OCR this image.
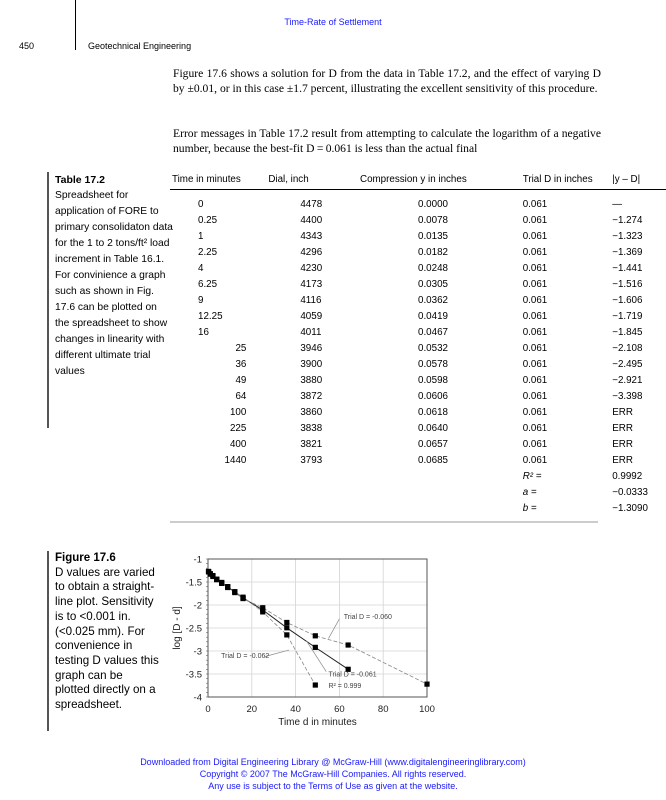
Time-Rate of Settlement
450	Geotechnical Engineering
Figure 17.6 shows a solution for D from the data in Table 17.2, and the effect of varying D by ±0.01, or in this case ±1.7 percent, illustrating the excellent sensitivity of this procedure.
Error messages in Table 17.2 result from attempting to calculate the logarithm of a negative number, because the best-fit D = 0.061 is less than the actual final
Table 17.2
Spreadsheet for application of FORE to primary consolidaton data for the 1 to 2 tons/ft² load increment in Table 16.1. For convinience a graph such as shown in Fig. 17.6 can be plotted on the spreadsheet to show changes in linearity with different ultimate trial values
Time in minutes	Dial, inch	Compression y in inches	Trial D in inches	|y – D|
0	4478	0.0000	0.061	—
0.25	4400	0.0078	0.061	−1.274
1	4343	0.0135	0.061	−1.323
2.25	4296	0.0182	0.061	−1.369
4	4230	0.0248	0.061	−1.441
6.25	4173	0.0305	0.061	−1.516
9	4116	0.0362	0.061	−1.606
12.25	4059	0.0419	0.061	−1.719
16	4011	0.0467	0.061	−1.845
25	3946	0.0532	0.061	−2.108
36	3900	0.0578	0.061	−2.495
49	3880	0.0598	0.061	−2.921
64	3872	0.0606	0.061	−3.398
100	3860	0.0618	0.061	ERR
225	3838	0.0640	0.061	ERR
400	3821	0.0657	0.061	ERR
1440	3793	0.0685	0.061	ERR
			R² =	0.9992
			a =	−0.0333
			b =	−1.3090
Figure 17.6
D values are varied to obtain a straight-line plot. Sensitivity is to <0.001 in. (<0.025 mm). For convenience in testing D values this graph can be plotted directly on a spreadsheet.	0	20	40	60	80	100
-1
-1.5
-2
-2.5
-3
-3.5
-4
Time d in minutes
log [D - d]	Trial D = -0.060
Trial D = -0.061
R² = 0.999
Trial D = -0.062
Downloaded from Digital Engineering Library @ McGraw-Hill (www.digitalengineeringlibrary.com)
Copyright © 2007 The McGraw-Hill Companies. All rights reserved.
Any use is subject to the Terms of Use as given at the website.
